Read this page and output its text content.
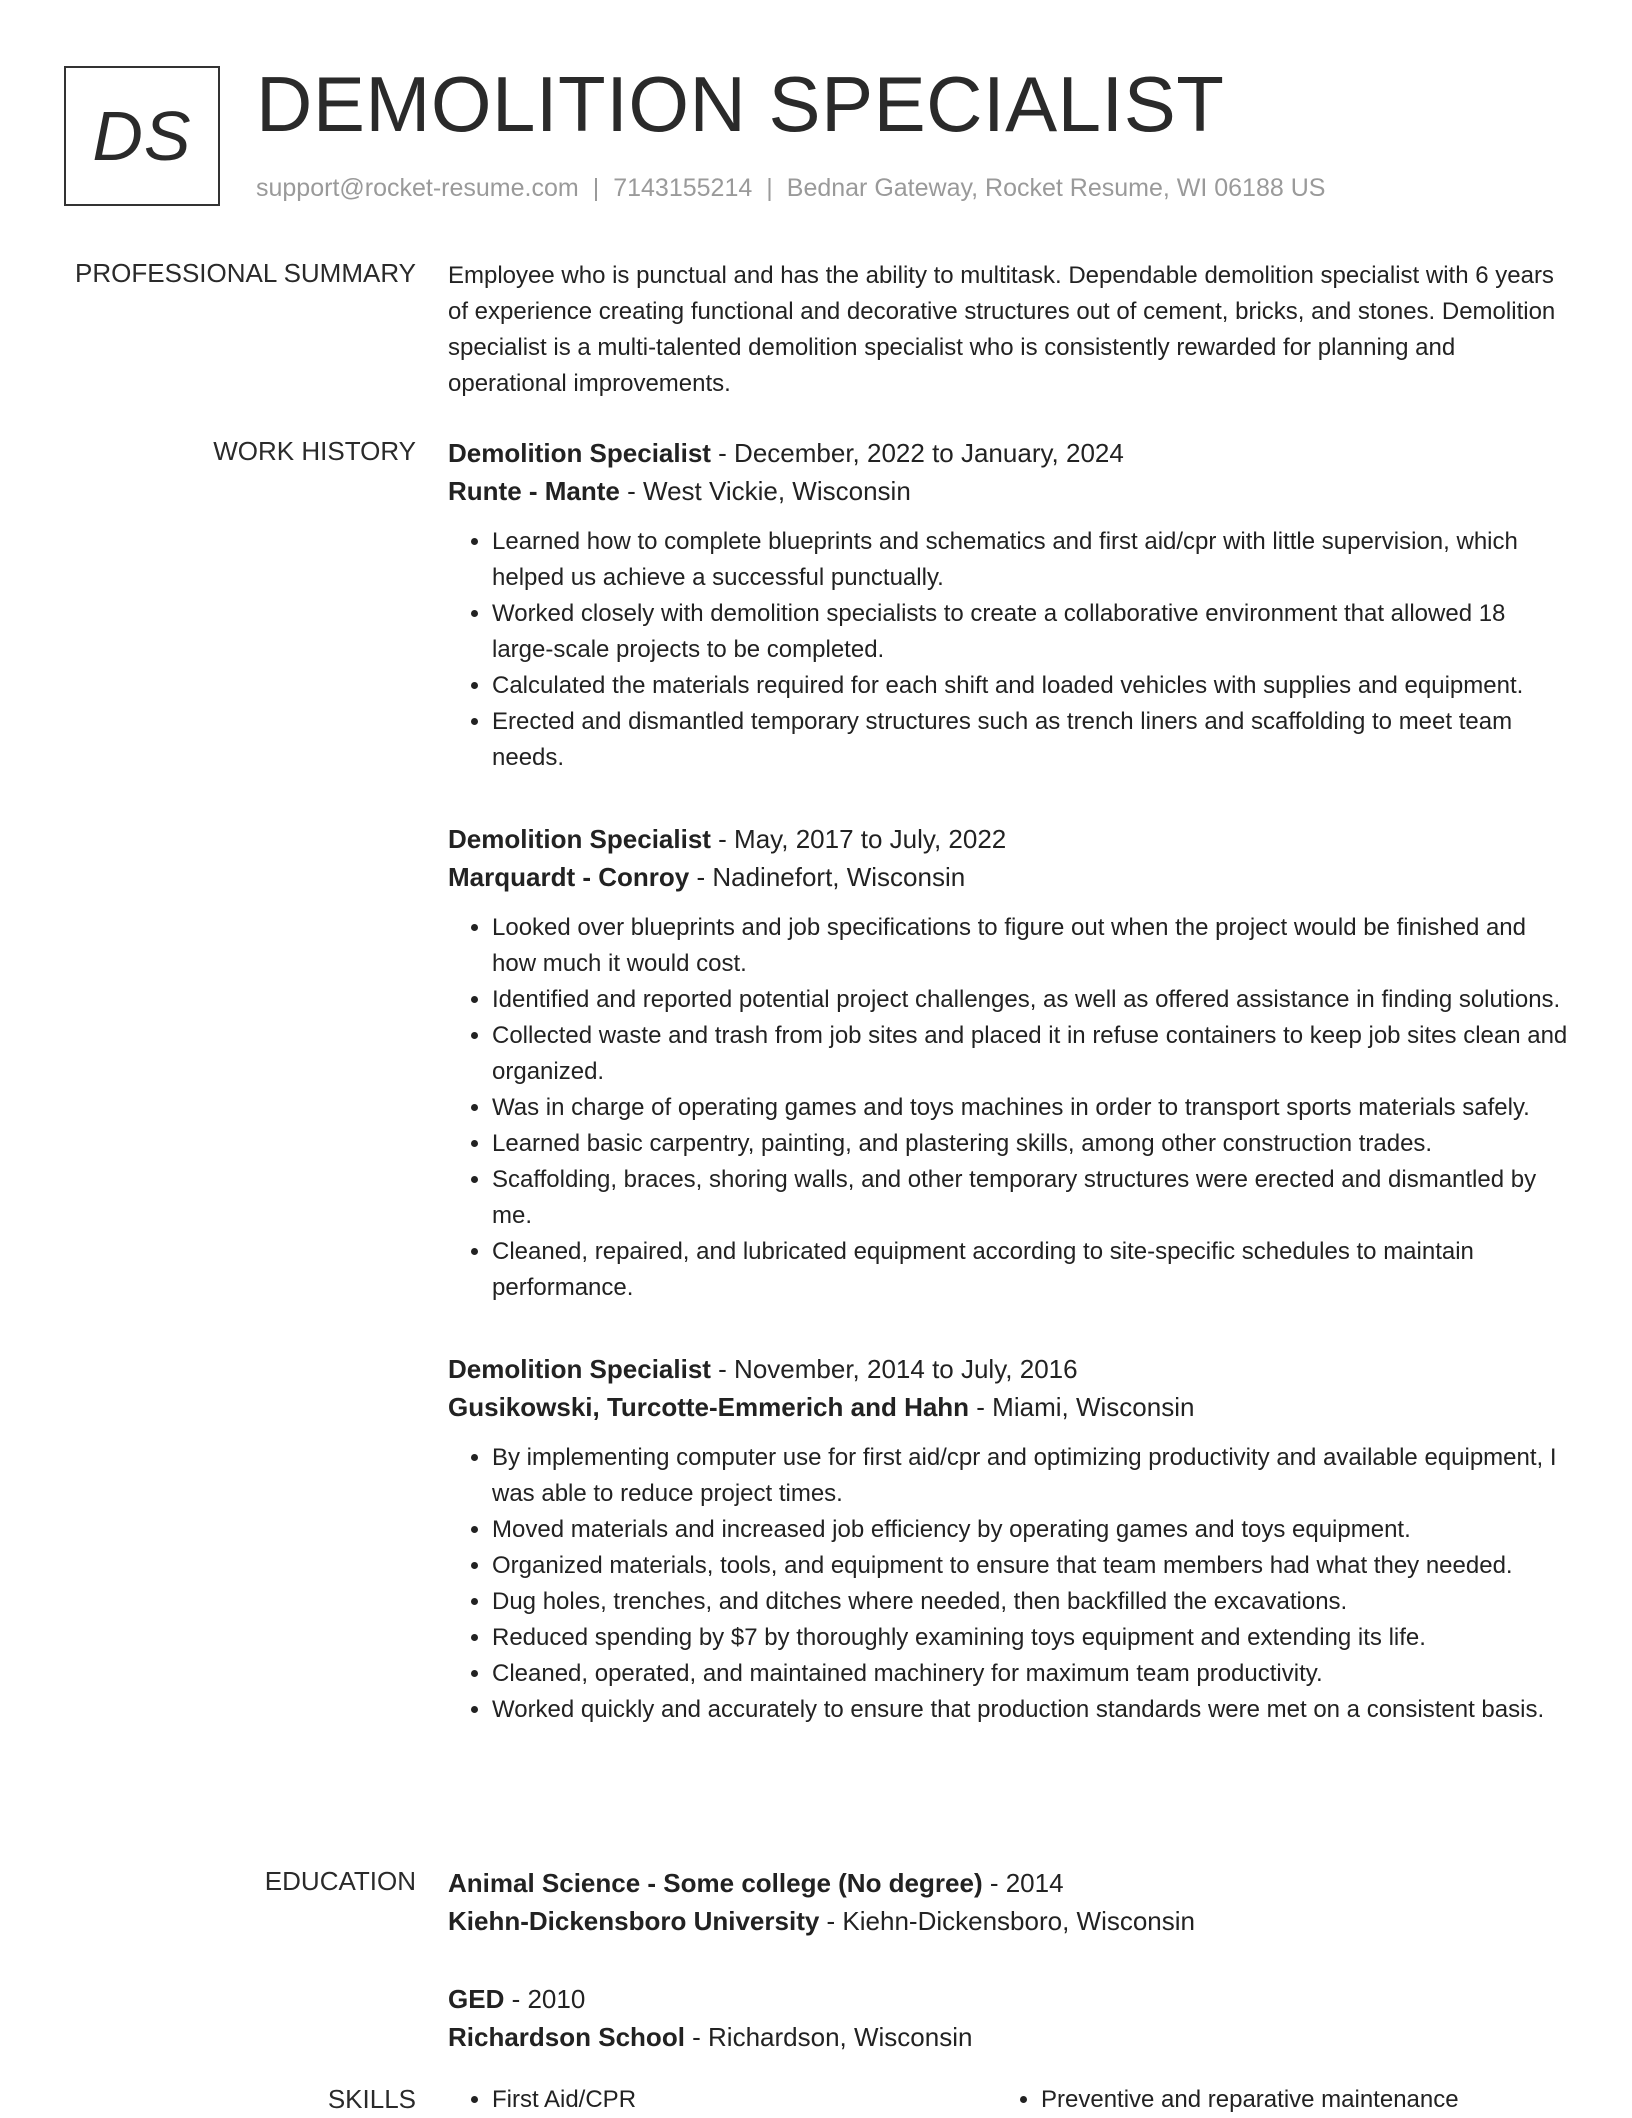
DS DEMOLITION SPECIALIST
support@rocket-resume.com | 7143155214 | Bednar Gateway, Rocket Resume, WI 06188 US
PROFESSIONAL SUMMARY Employee who is punctual and has the ability to multitask. Dependable demolition specialist with 6 years of experience creating functional and decorative structures out of cement, bricks, and stones. Demolition specialist is a multi-talented demolition specialist who is consistently rewarded for planning and operational improvements.

WORK HISTORY Demolition Specialist - December, 2022 to January, 2024
Runte - Mante - West Vickie, Wisconsin
• Learned how to complete blueprints and schematics and first aid/cpr with little supervision, which helped us achieve a successful punctually.
• Worked closely with demolition specialists to create a collaborative environment that allowed 18 large-scale projects to be completed.
• Calculated the materials required for each shift and loaded vehicles with supplies and equipment.
• Erected and dismantled temporary structures such as trench liners and scaffolding to meet team needs.
Demolition Specialist - May, 2017 to July, 2022
Marquardt - Conroy - Nadinefort, Wisconsin
• Looked over blueprints and job specifications to figure out when the project would be finished and how much it would cost.
• Identified and reported potential project challenges, as well as offered assistance in finding solutions.
• Collected waste and trash from job sites and placed it in refuse containers to keep job sites clean and organized.
• Was in charge of operating games and toys machines in order to transport sports materials safely.
• Learned basic carpentry, painting, and plastering skills, among other construction trades.
• Scaffolding, braces, shoring walls, and other temporary structures were erected and dismantled by me.
• Cleaned, repaired, and lubricated equipment according to site-specific schedules to maintain performance.
Demolition Specialist - November, 2014 to July, 2016
Gusikowski, Turcotte-Emmerich and Hahn - Miami, Wisconsin
• By implementing computer use for first aid/cpr and optimizing productivity and available equipment, I was able to reduce project times.
• Moved materials and increased job efficiency by operating games and toys equipment.
• Organized materials, tools, and equipment to ensure that team members had what they needed.
• Dug holes, trenches, and ditches where needed, then backfilled the excavations.
• Reduced spending by $7 by thoroughly examining toys equipment and extending its life.
• Cleaned, operated, and maintained machinery for maximum team productivity.
• Worked quickly and accurately to ensure that production standards were met on a consistent basis.
EDUCATION Animal Science - Some college (No degree) - 2014
Kiehn-Dickensboro University - Kiehn-Dickensboro, Wisconsin
GED - 2010
Richardson School - Richardson, Wisconsin
SKILLS	• First Aid/CPR	• Preventive and reparative maintenance
